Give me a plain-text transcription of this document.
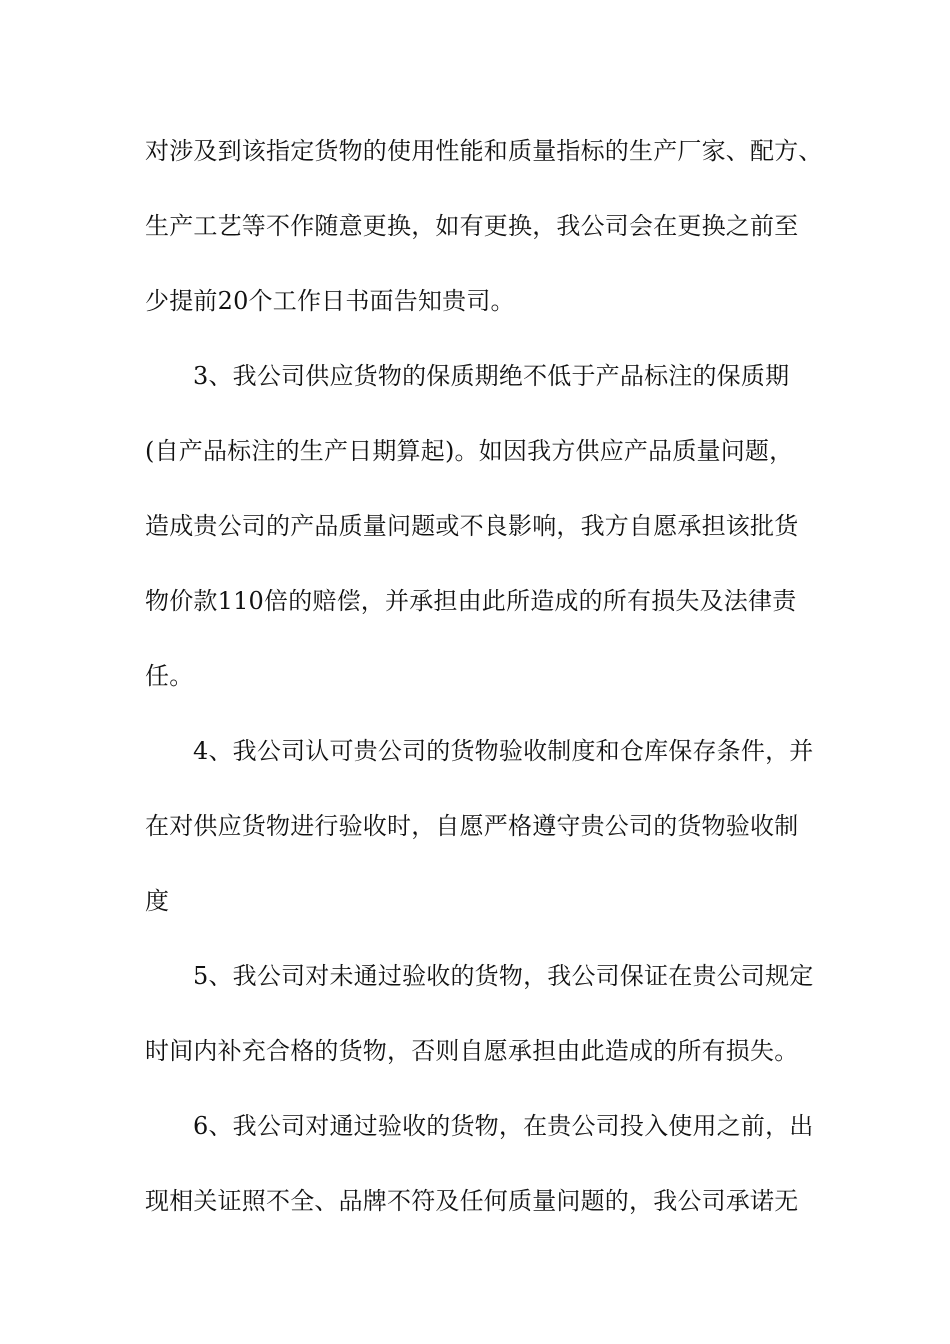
对涉及到该指定货物的使用性能和质量指标的生产厂家、配方、
生产工艺等不作随意更换，如有更换，我公司会在更换之前至
少提前20个工作日书面告知贵司。
3、我公司供应货物的保质期绝不低于产品标注的保质期
(自产品标注的生产日期算起)。如因我方供应产品质量问题，
造成贵公司的产品质量问题或不良影响，我方自愿承担该批货
物价款110倍的赔偿，并承担由此所造成的所有损失及法律责
任。
4、我公司认可贵公司的货物验收制度和仓库保存条件，并
在对供应货物进行验收时，自愿严格遵守贵公司的货物验收制
度
5、我公司对未通过验收的货物，我公司保证在贵公司规定
时间内补充合格的货物，否则自愿承担由此造成的所有损失。
6、我公司对通过验收的货物，在贵公司投入使用之前，出
现相关证照不全、品牌不符及任何质量问题的，我公司承诺无
